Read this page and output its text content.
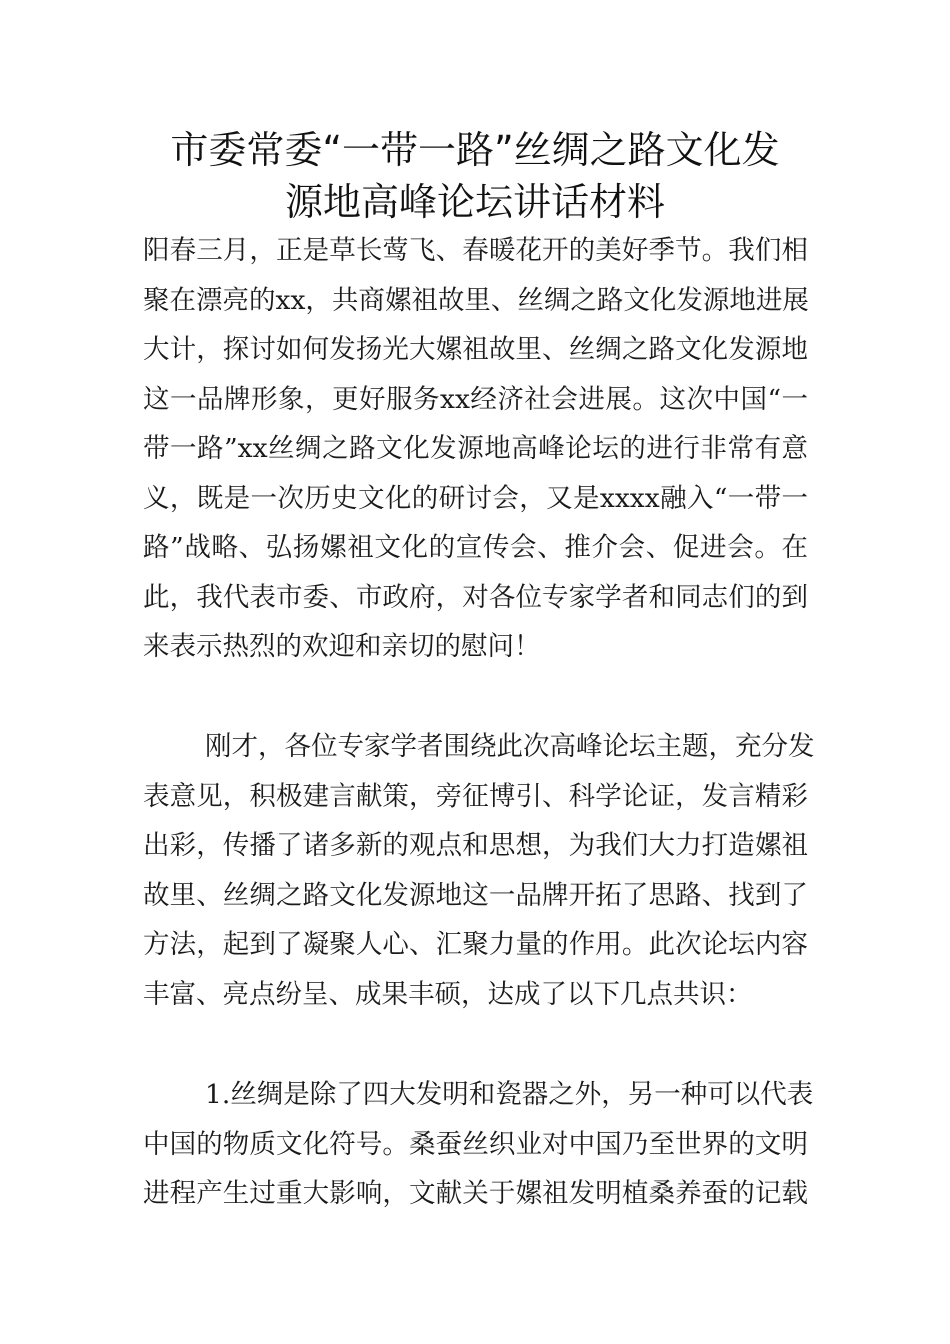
市委常委“一带一路”丝绸之路文化发
源地高峰论坛讲话材料
阳春三月，正是草长莺飞、春暖花开的美好季节。我们相
聚在漂亮的xx，共商嫘祖故里、丝绸之路文化发源地进展
大计，探讨如何发扬光大嫘祖故里、丝绸之路文化发源地
这一品牌形象，更好服务xx经济社会进展。这次中国“一
带一路”xx丝绸之路文化发源地高峰论坛的进行非常有意
义，既是一次历史文化的研讨会，又是xxxx融入“一带一
路”战略、弘扬嫘祖文化的宣传会、推介会、促进会。在
此，我代表市委、市政府，对各位专家学者和同志们的到
来表示热烈的欢迎和亲切的慰问！
刚才，各位专家学者围绕此次高峰论坛主题，充分发
表意见，积极建言献策，旁征博引、科学论证，发言精彩
出彩，传播了诸多新的观点和思想，为我们大力打造嫘祖
故里、丝绸之路文化发源地这一品牌开拓了思路、找到了
方法，起到了凝聚人心、汇聚力量的作用。此次论坛内容
丰富、亮点纷呈、成果丰硕，达成了以下几点共识：
1.丝绸是除了四大发明和瓷器之外，另一种可以代表
中国的物质文化符号。桑蚕丝织业对中国乃至世界的文明
进程产生过重大影响，文献关于嫘祖发明植桑养蚕的记载
